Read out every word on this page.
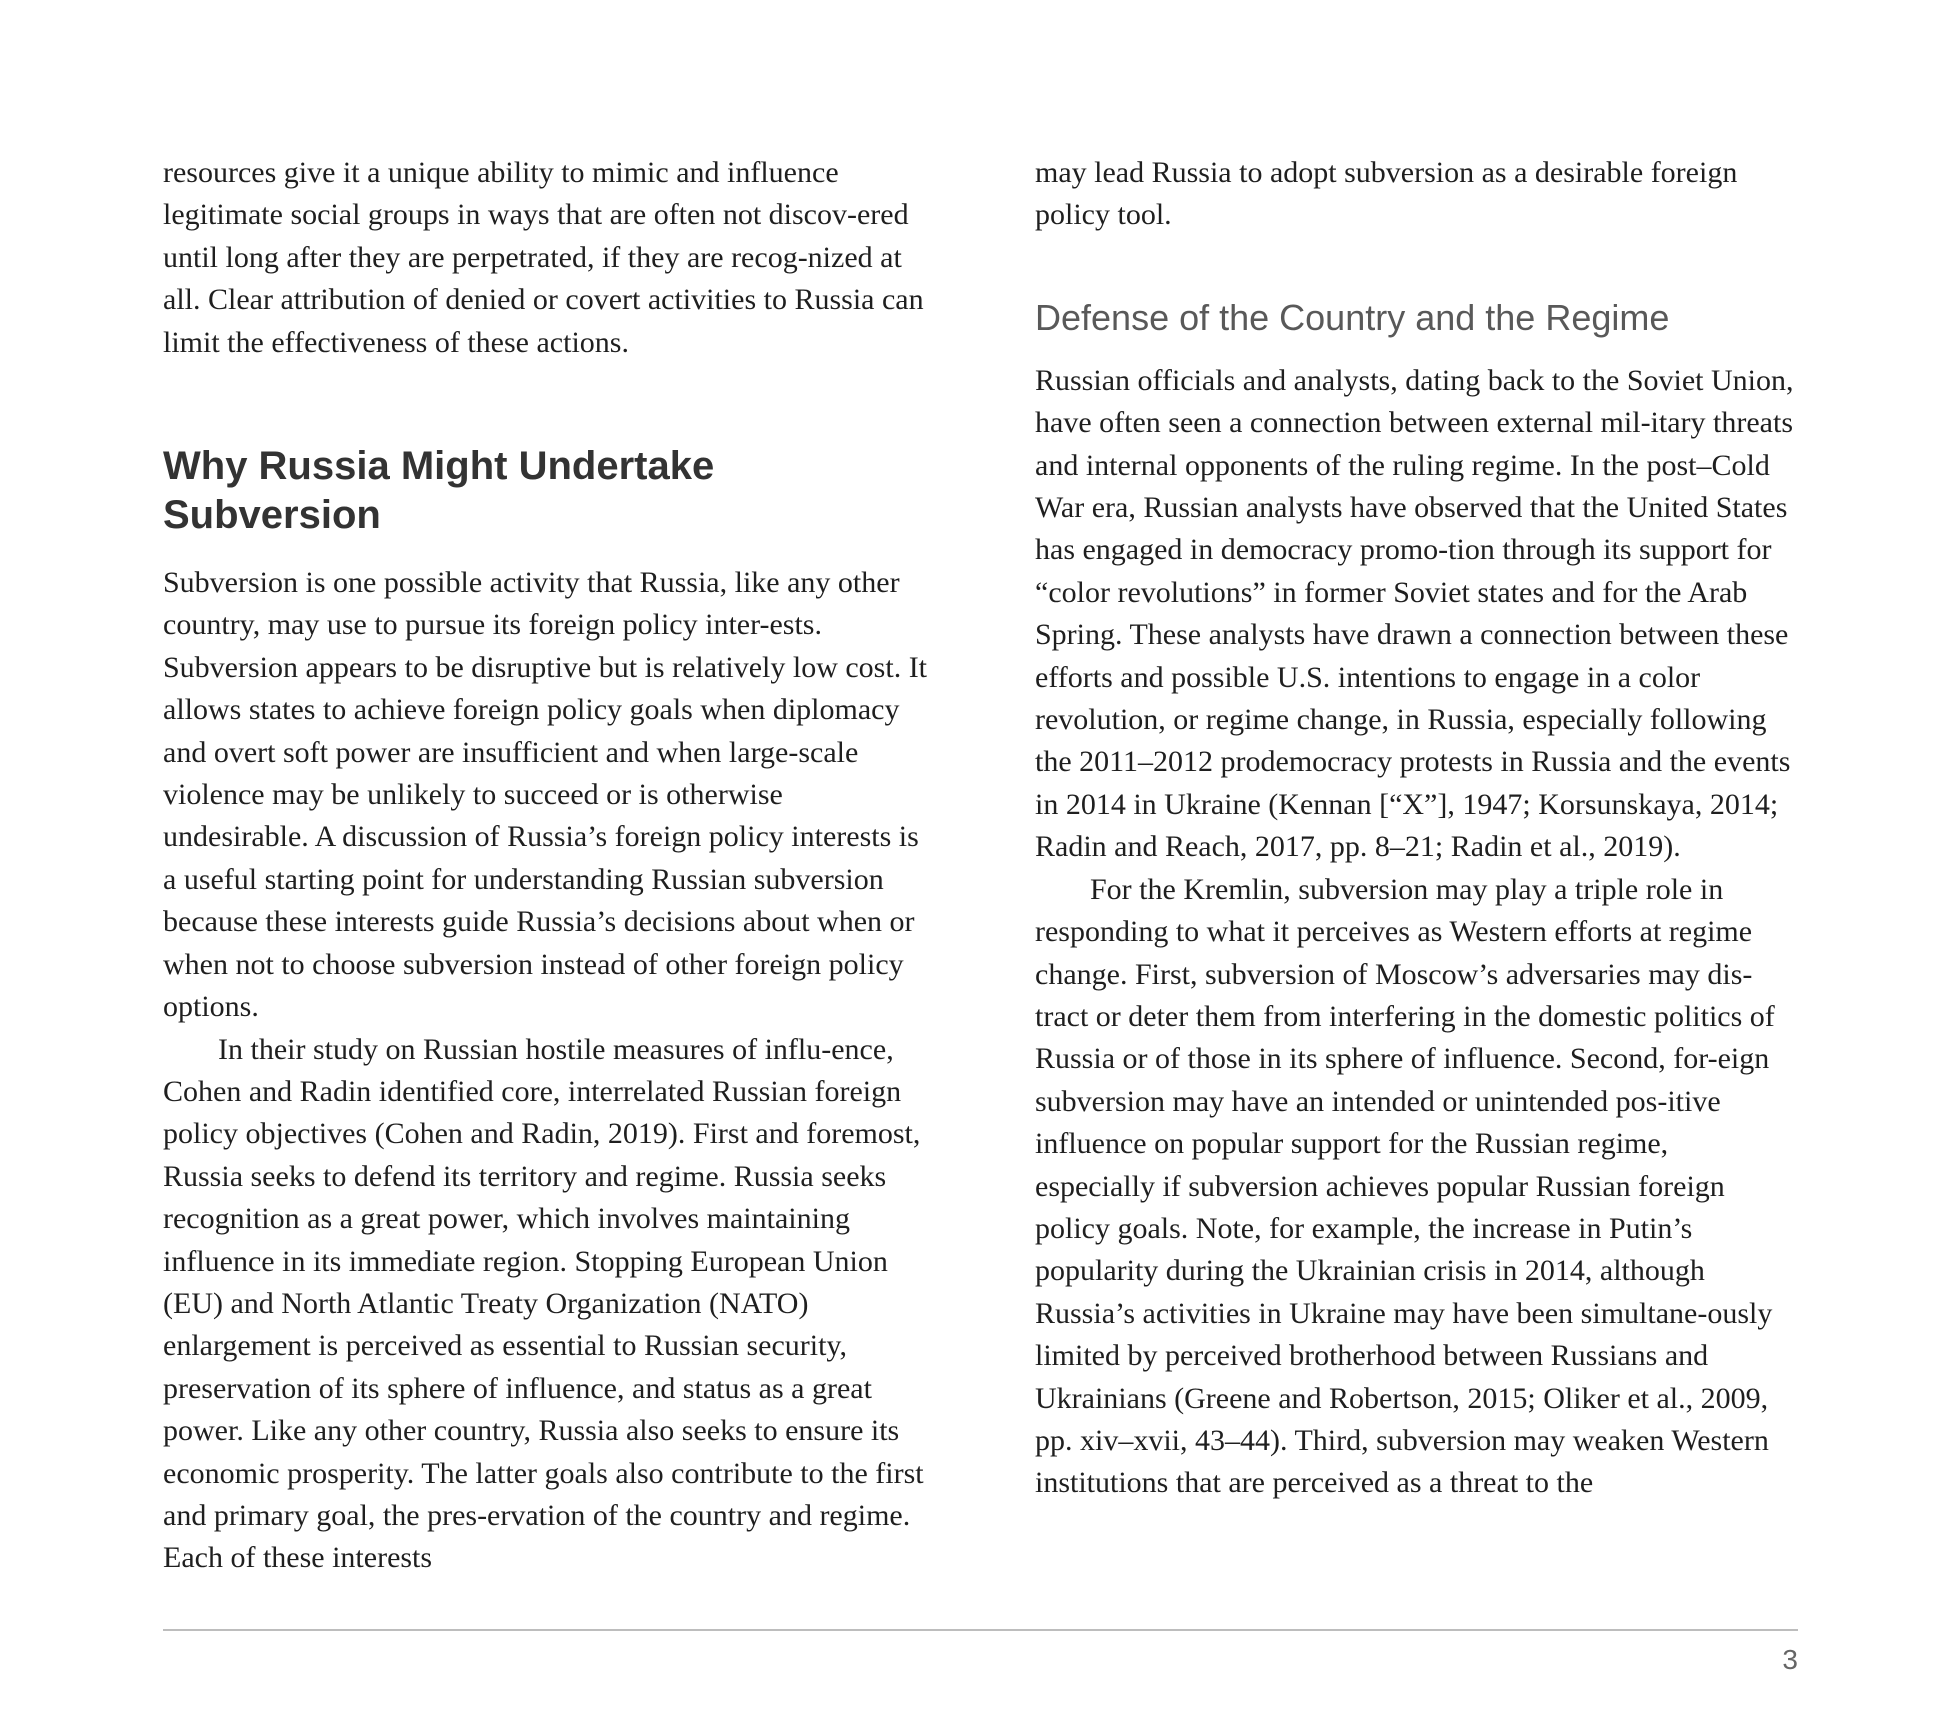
resources give it a unique ability to mimic and influence legitimate social groups in ways that are often not discov-ered until long after they are perpetrated, if they are recog-nized at all. Clear attribution of denied or covert activities to Russia can limit the effectiveness of these actions.

Why Russia Might Undertake Subversion

Subversion is one possible activity that Russia, like any other country, may use to pursue its foreign policy inter-ests. Subversion appears to be disruptive but is relatively low cost. It allows states to achieve foreign policy goals when diplomacy and overt soft power are insufficient and when large-scale violence may be unlikely to succeed or is otherwise undesirable. A discussion of Russia’s foreign policy interests is a useful starting point for understanding Russian subversion because these interests guide Russia’s decisions about when or when not to choose subversion instead of other foreign policy options.

In their study on Russian hostile measures of influ-ence, Cohen and Radin identified core, interrelated Russian foreign policy objectives (Cohen and Radin, 2019). First and foremost, Russia seeks to defend its territory and regime. Russia seeks recognition as a great power, which involves maintaining influence in its immediate region. Stopping European Union (EU) and North Atlantic Treaty Organization (NATO) enlargement is perceived as essential to Russian security, preservation of its sphere of influence, and status as a great power. Like any other country, Russia also seeks to ensure its economic prosperity. The latter goals also contribute to the first and primary goal, the pres-ervation of the country and regime. Each of these interests

may lead Russia to adopt subversion as a desirable foreign policy tool.

Defense of the Country and the Regime

Russian officials and analysts, dating back to the Soviet Union, have often seen a connection between external mil-itary threats and internal opponents of the ruling regime. In the post–Cold War era, Russian analysts have observed that the United States has engaged in democracy promo-tion through its support for “color revolutions” in former Soviet states and for the Arab Spring. These analysts have drawn a connection between these efforts and possible U.S. intentions to engage in a color revolution, or regime change, in Russia, especially following the 2011–2012 prodemocracy protests in Russia and the events in 2014 in Ukraine (Kennan [“X”], 1947; Korsunskaya, 2014; Radin and Reach, 2017, pp. 8–21; Radin et al., 2019).

For the Kremlin, subversion may play a triple role in responding to what it perceives as Western efforts at regime change. First, subversion of Moscow’s adversaries may dis-tract or deter them from interfering in the domestic politics of Russia or of those in its sphere of influence. Second, for-eign subversion may have an intended or unintended pos-itive influence on popular support for the Russian regime, especially if subversion achieves popular Russian foreign policy goals. Note, for example, the increase in Putin’s popularity during the Ukrainian crisis in 2014, although Russia’s activities in Ukraine may have been simultane-ously limited by perceived brotherhood between Russians and Ukrainians (Greene and Robertson, 2015; Oliker et al., 2009, pp. xiv–xvii, 43–44). Third, subversion may weaken Western institutions that are perceived as a threat to the

3
